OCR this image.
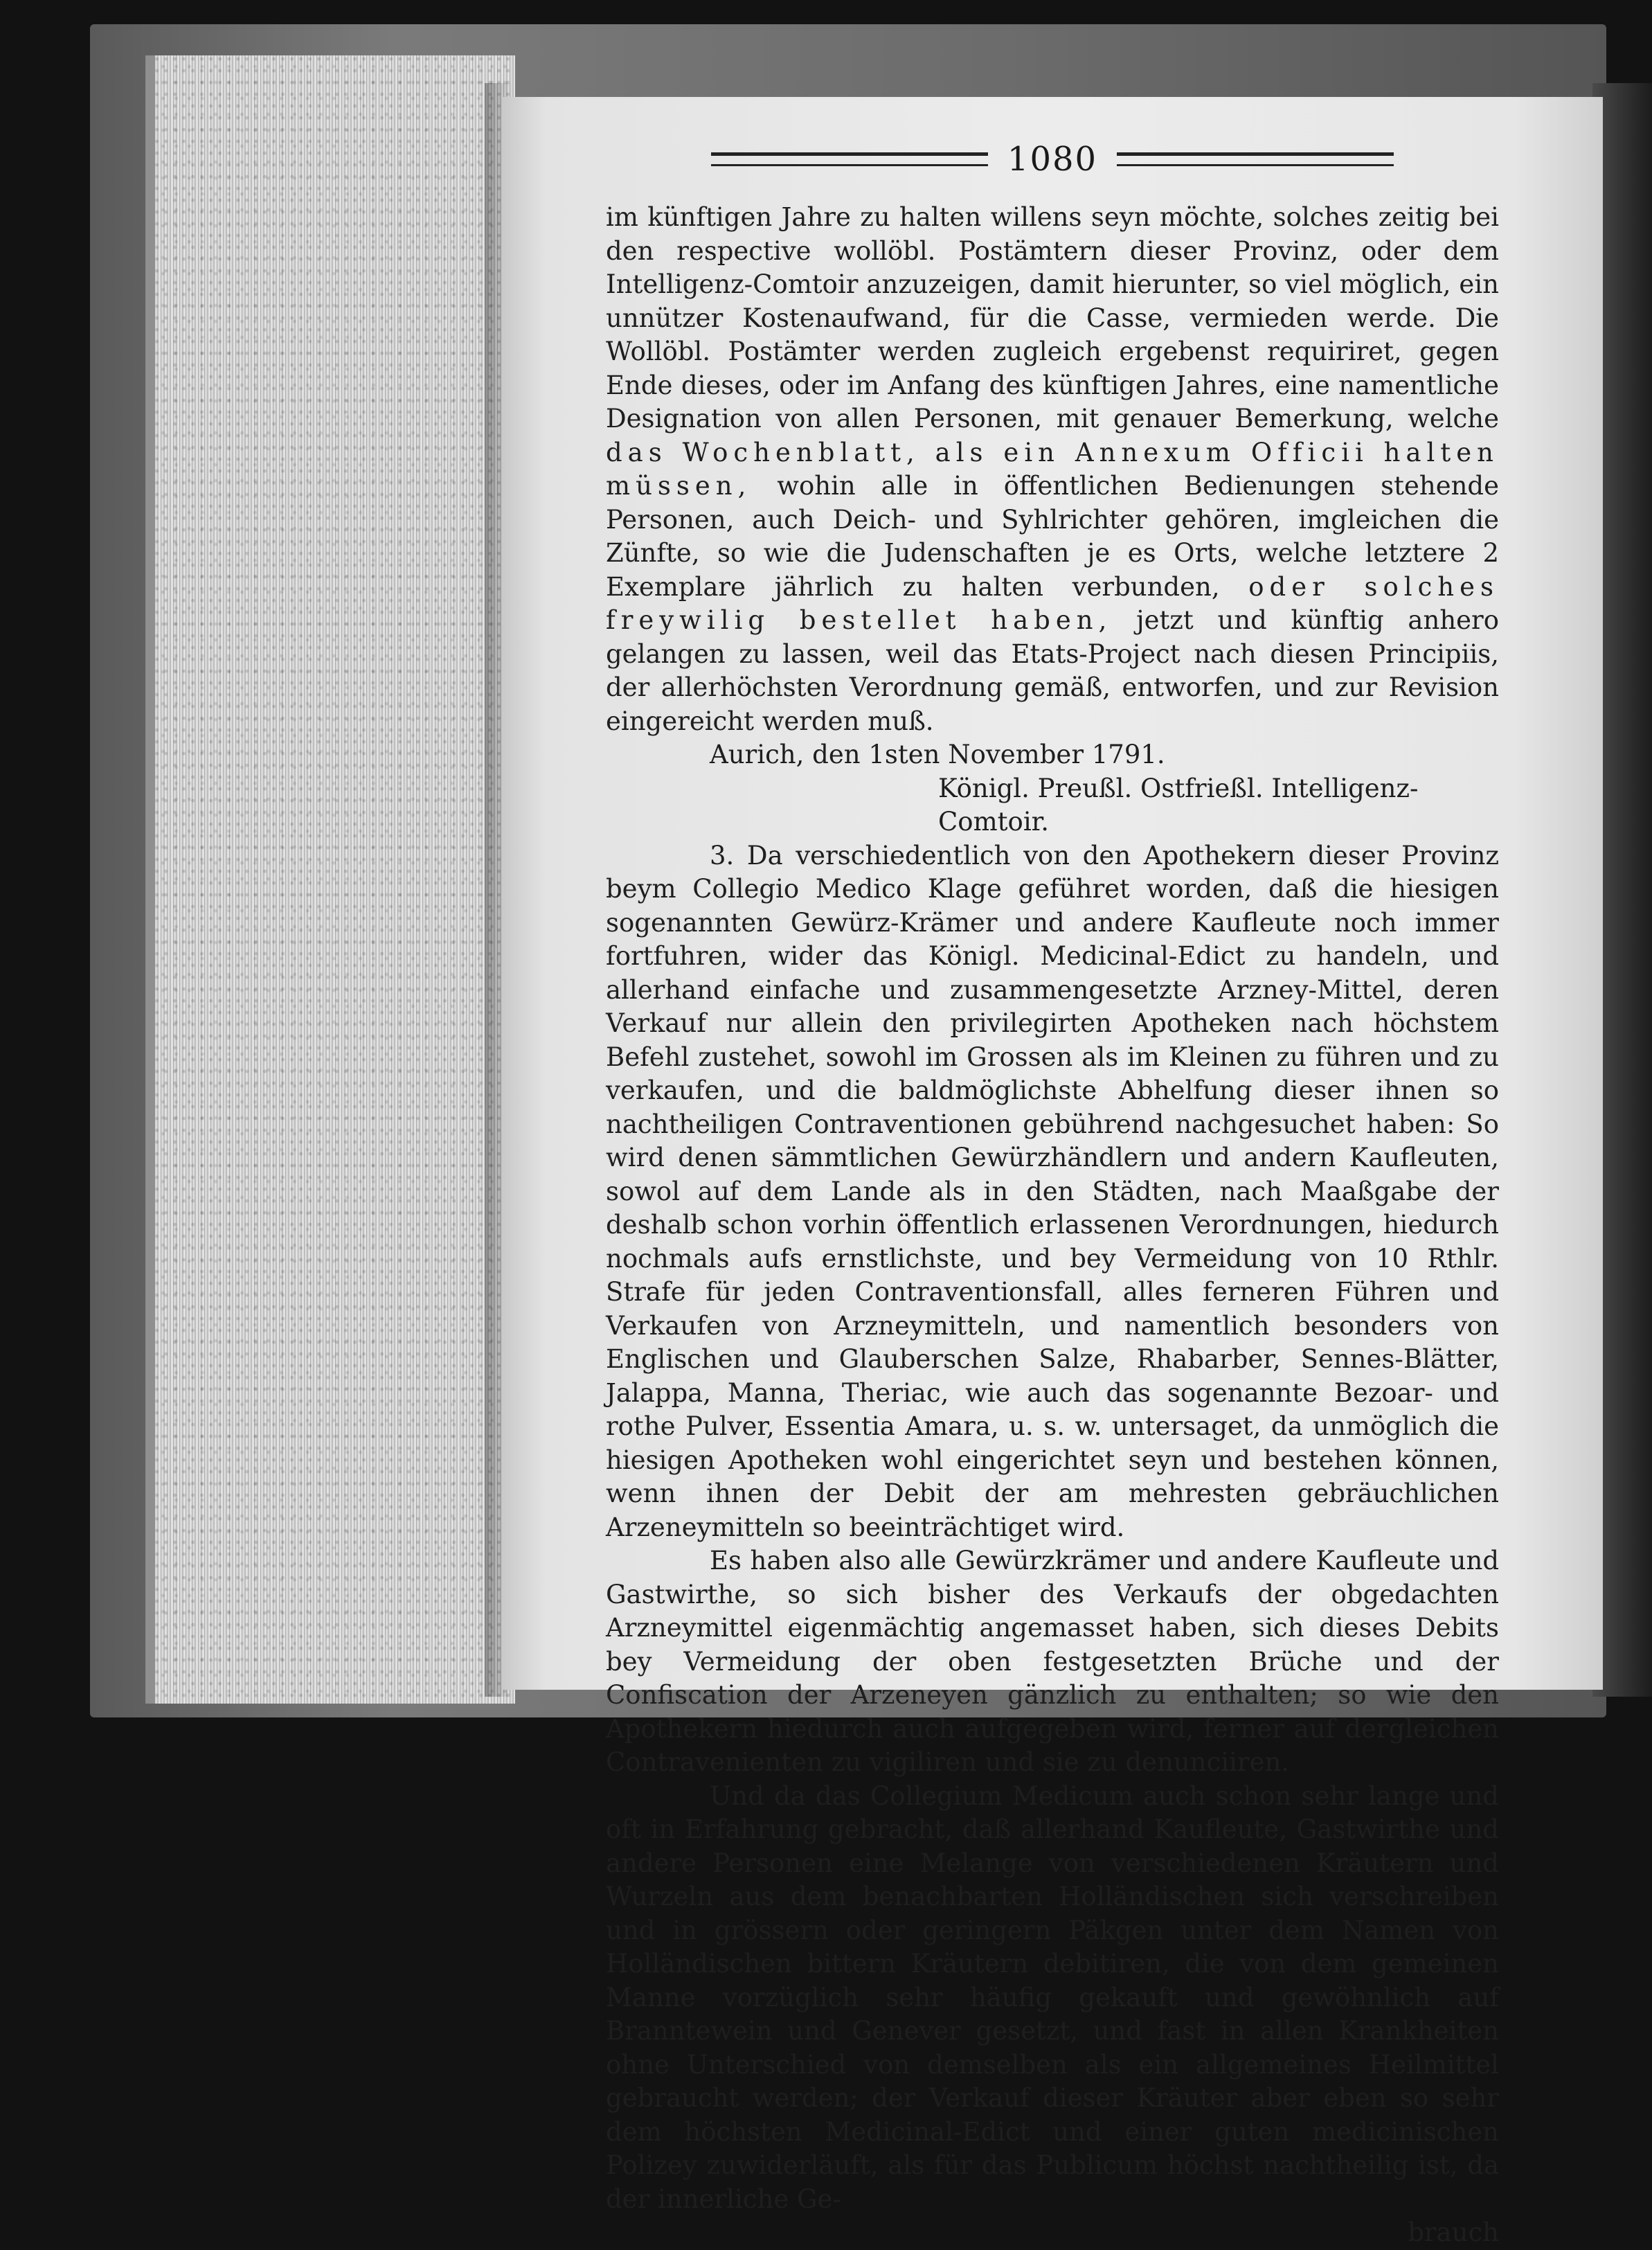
1080

im künftigen Jahre zu halten willens seyn möchte, solches zeitig bei den respective wollöbl. Postämtern dieser Provinz, oder dem Intelligenz-Comtoir anzuzeigen, damit hierunter, so viel möglich, ein unnützer Kostenaufwand, für die Casse, vermieden werde. Die Wollöbl. Postämter werden zugleich ergebenst requiriret, gegen Ende dieses, oder im Anfang des künftigen Jahres, eine namentliche Designation von allen Personen, mit genauer Bemerkung, welche das Wochenblatt, als ein Annexum Officii halten müssen, wohin alle in öffentlichen Bedienungen stehende Personen, auch Deich- und Syhlrichter gehören, imgleichen die Zünfte, so wie die Judenschaften je es Orts, welche letztere 2 Exemplare jährlich zu halten verbunden, oder solches freywilig bestellet haben, jetzt und künftig anhero gelangen zu lassen, weil das Etats-Project nach diesen Principiis, der allerhöchsten Verordnung gemäß, entworfen, und zur Revision eingereicht werden muß.

Aurich, den 1sten November 1791.

Königl. Preußl. Ostfrießl. Intelligenz-Comtoir.

3. Da verschiedentlich von den Apothekern dieser Provinz beym Collegio Medico Klage geführet worden, daß die hiesigen sogenannten Gewürz-Krämer und andere Kaufleute noch immer fortfuhren, wider das Königl. Medicinal-Edict zu handeln, und allerhand einfache und zusammengesetzte Arzney-Mittel, deren Verkauf nur allein den privilegirten Apotheken nach höchstem Befehl zustehet, sowohl im Grossen als im Kleinen zu führen und zu verkaufen, und die baldmöglichste Abhelfung dieser ihnen so nachtheiligen Contraventionen gebührend nachgesuchet haben: So wird denen sämmtlichen Gewürzhändlern und andern Kaufleuten, sowol auf dem Lande als in den Städten, nach Maaßgabe der deshalb schon vorhin öffentlich erlassenen Verordnungen, hiedurch nochmals aufs ernstlichste, und bey Vermeidung von 10 Rthlr. Strafe für jeden Contraventionsfall, alles ferneren Führen und Verkaufen von Arzneymitteln, und namentlich besonders von Englischen und Glauberschen Salze, Rhabarber, Sennes-Blätter, Jalappa, Manna, Theriac, wie auch das sogenannte Bezoar- und rothe Pulver, Essentia Amara, u. s. w. untersaget, da unmöglich die hiesigen Apotheken wohl eingerichtet seyn und bestehen können, wenn ihnen der Debit der am mehresten gebräuchlichen Arzeneymitteln so beeinträchtiget wird.

Es haben also alle Gewürzkrämer und andere Kaufleute und Gastwirthe, so sich bisher des Verkaufs der obgedachten Arzneymittel eigenmächtig angemasset haben, sich dieses Debits bey Vermeidung der oben festgesetzten Brüche und der Confiscation der Arzeneyen gänzlich zu enthalten; so wie den Apothekern hiedurch auch aufgegeben wird, ferner auf dergleichen Contravenienten zu vigiliren und sie zu denunciiren.

Und da das Collegium Medicum auch schon sehr lange und oft in Erfahrung gebracht, daß allerhand Kaufleute, Gastwirthe und andere Personen eine Melange von verschiedenen Kräutern und Wurzeln aus dem benachbarten Holländischen sich verschreiben und in grössern oder geringern Päkgen unter dem Namen von Holländischen bittern Kräutern debitiren, die von dem gemeinen Manne vorzüglich sehr häufig gekauft und gewöhnlich auf Branntewein und Genever gesetzt, und fast in allen Krankheiten ohne Unterschied von demselben als ein allgemeines Heilmittel gebraucht werden; der Verkauf dieser Kräuter aber eben so sehr dem höchsten Medicinal-Edict und einer guten medicinischen Polizey zuwiderläuft, als für das Publicum höchst nachtheilig ist, da der innerliche Ge-

brauch
